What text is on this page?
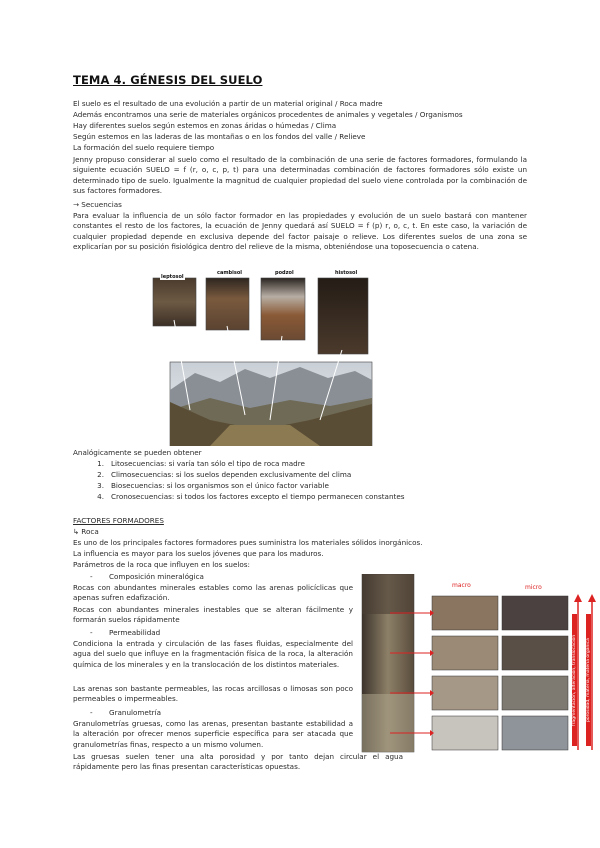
TEMA 4. GÉNESIS DEL SUELO
El suelo es el resultado de una evolución a partir de un material original / Roca madre
Además encontramos una serie de materiales orgánicos procedentes de animales y vegetales / Organismos
Hay diferentes suelos según estemos en zonas áridas o húmedas / Clima
Según estemos en las laderas de las montañas o en los fondos del valle / Relieve
La formación del suelo requiere tiempo
Jenny propuso considerar al suelo como el resultado de la combinación de una serie de factores formadores, formulando la siguiente ecuación SUELO = f (r, o, c, p, t) para una determinadas combinación de factores formadores sólo existe un determinado tipo de suelo. Igualmente la magnitud de cualquier propiedad del suelo viene controlada por la combinación de sus factores formadores.
→ Secuencias
Para evaluar la influencia de un sólo factor formador en las propiedades y evolución de un suelo bastará con mantener constantes el resto de los factores, la ecuación de Jenny quedará así SUELO = f (p) r, o, c, t. En este caso, la variación de cualquier propiedad depende en exclusiva depende del factor paisaje o relieve. Los diferentes suelos de una zona se explicarían por su posición fisiológica dentro del relieve de la misma, obteniéndose una toposecuencia o catena.
leptosol
cambisol	podzol	histosol
Analógicamente se pueden obtener
1. Litosecuencias: si varía tan sólo el tipo de roca madre
2. Climosecuencias: si los suelos dependen exclusivamente del clima
3. Biosecuencias: si los organismos son el único factor variable
4. Cronosecuencias: si todos los factores excepto el tiempo permanecen constantes
FACTORES FORMADORES
↳ Roca
Es uno de los principales factores formadores pues suministra los materiales sólidos inorgánicos.
La influencia es mayor para los suelos jóvenes que para los maduros.
Parámetros de la roca que influyen en los suelos:
- Composición mineralógica
Rocas con abundantes minerales estables como las arenas policíclicas que apenas sufren edafización.
Rocas con abundantes minerales inestables que se alteran fácilmente y formarán suelos rápidamente
- Permeabilidad
Condiciona la entrada y circulación de las fases fluidas, especialmente del agua del suelo que influye en la fragmentación física de la roca, la alteración química de los minerales y en la translocación de los distintos materiales.
Las arenas son bastante permeables, las rocas arcillosas o limosas son poco permeables o impermeables.
- Granulometría
Granulometrías gruesas, como las arenas, presentan bastante estabilidad a la alteración por ofrecer menos superficie específica para ser atacada que granulometrías finas, respecto a un mismo volumen.
Las gruesas suelen tener una alta porosidad y por tanto dejan circular el agua rápidamente pero las finas presentan características opuestas.
macro	micro
fragmentación, alteración, translocación porosidad, materia, materia orgánica
